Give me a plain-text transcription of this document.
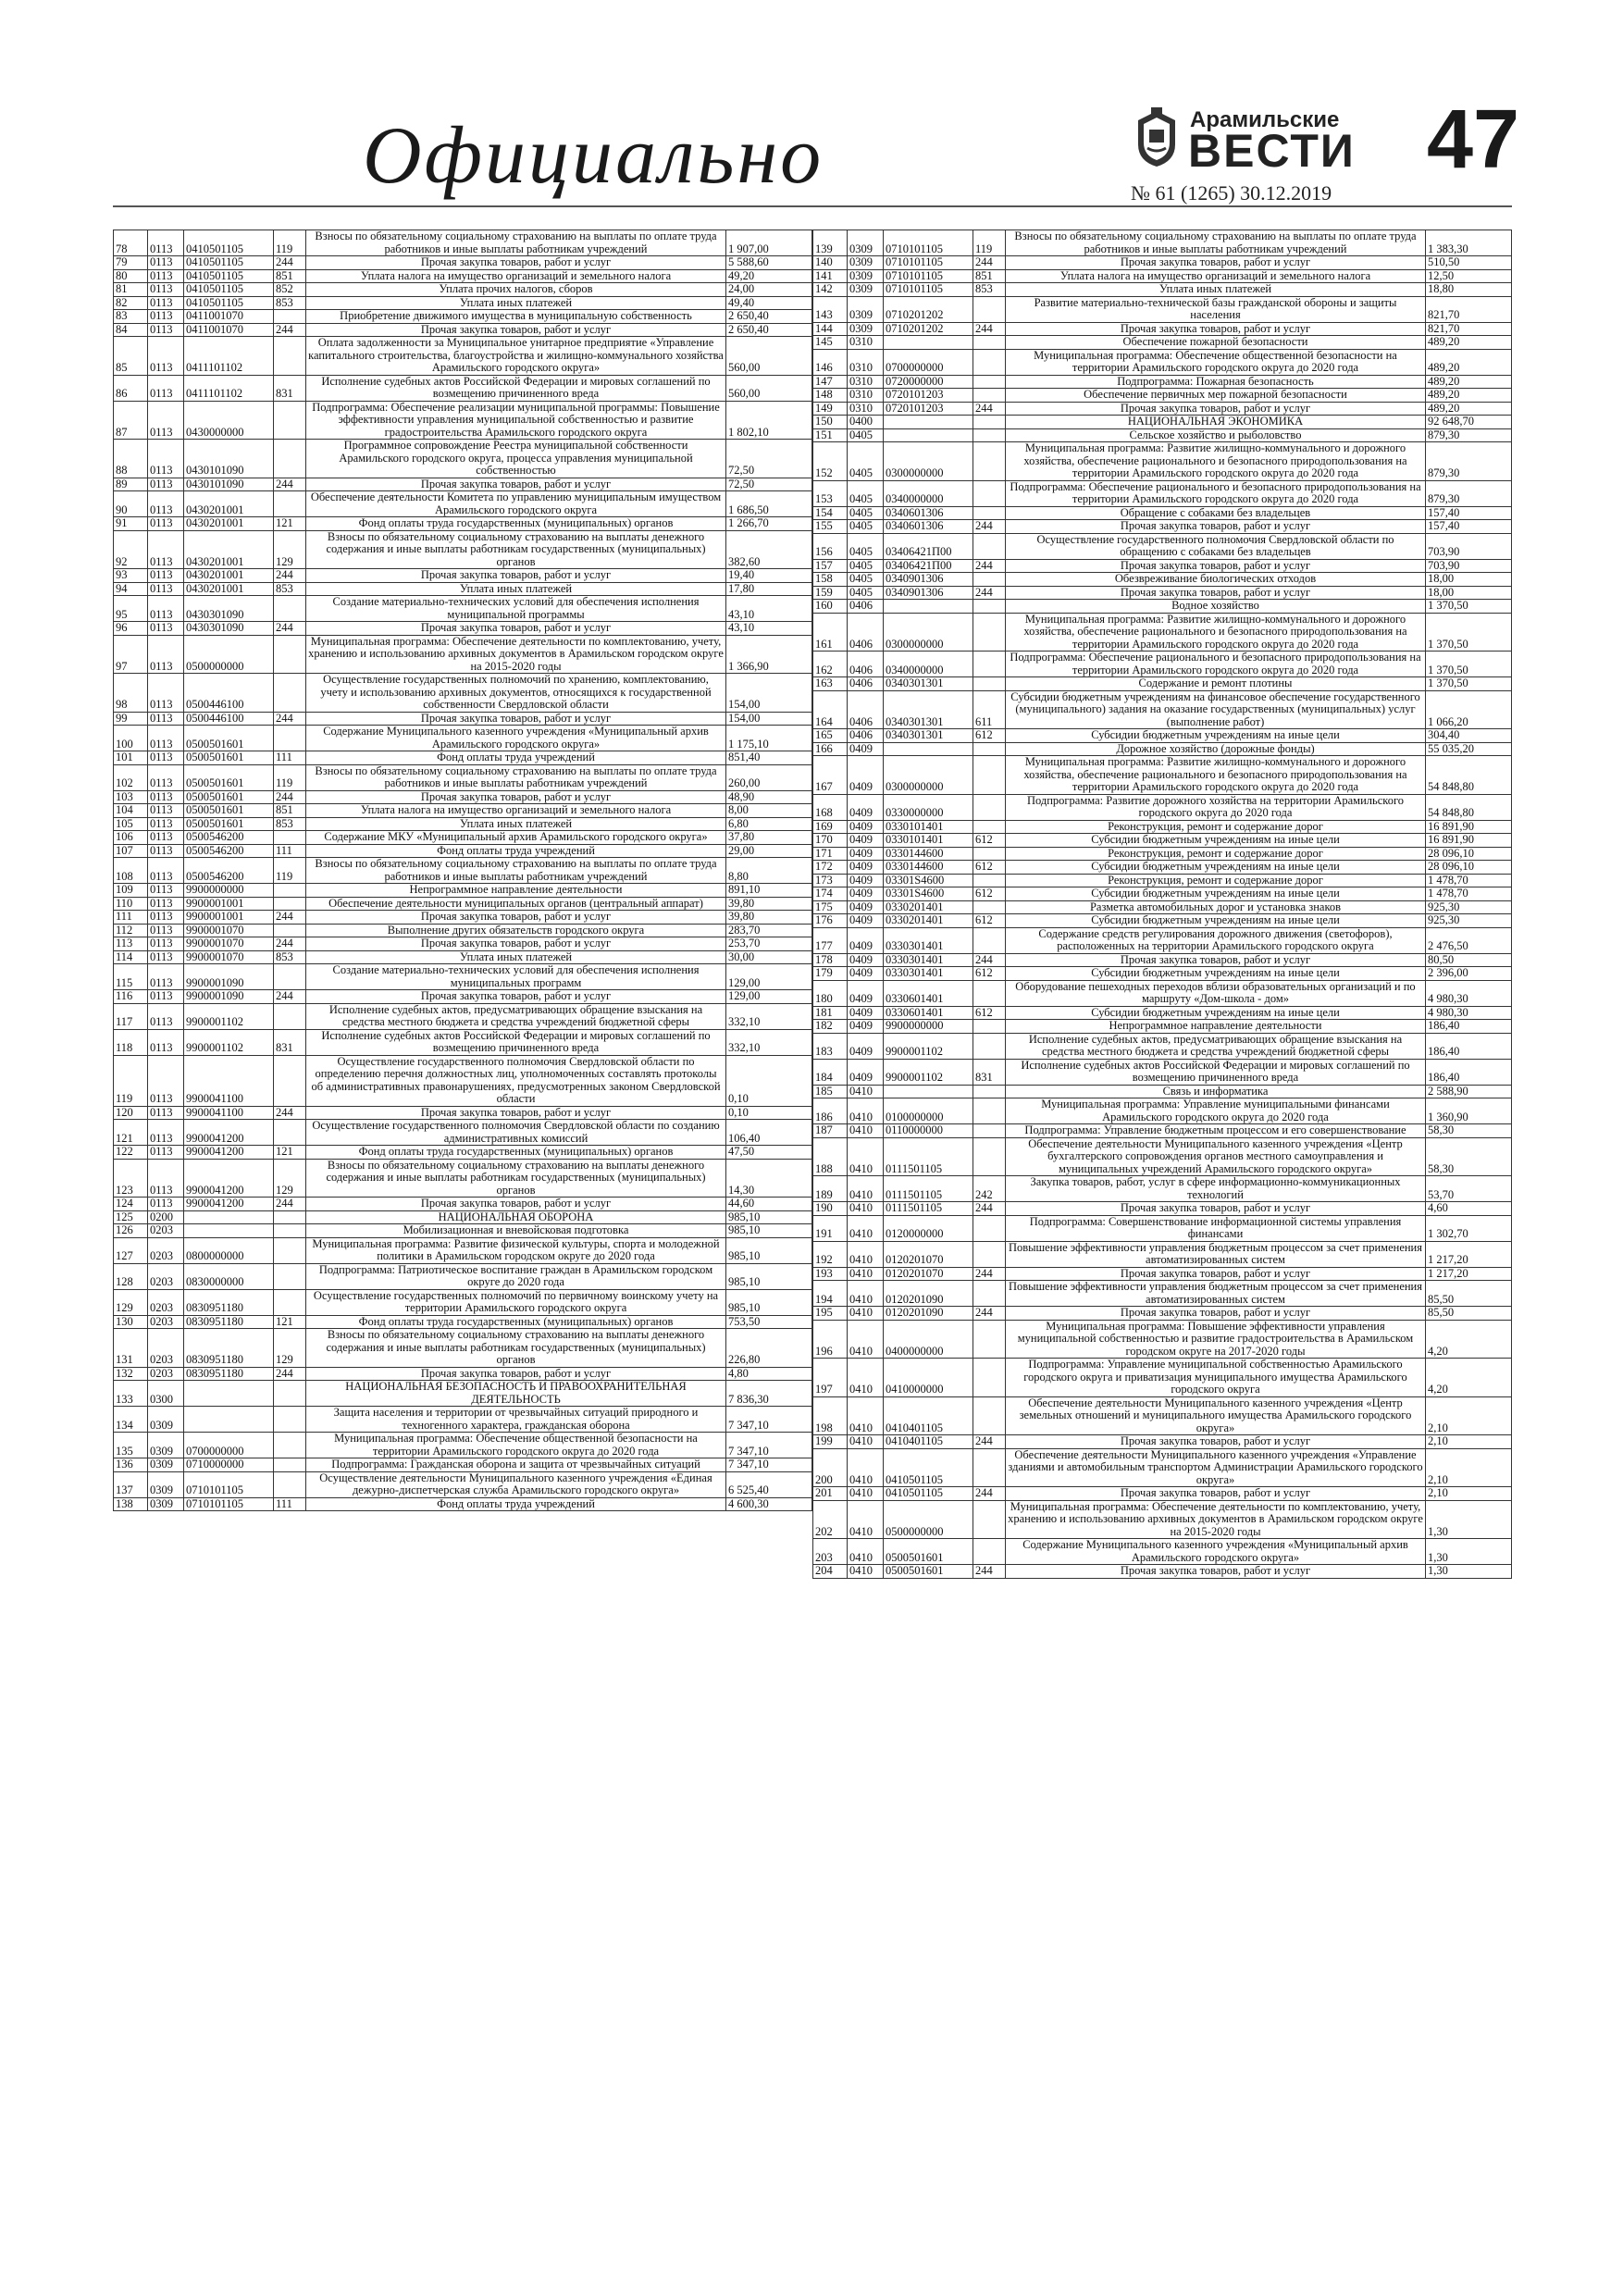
Официально	Арамильские
ВЕСТИ
№ 61 (1265) 30.12.2019
47
78	0113	0410501105	119	Взносы по обязательному социальному страхованию на выплаты по оплате труда работников и иные выплаты работникам учреждений	1 907,00
79	0113	0410501105	244	Прочая закупка товаров, работ и услуг	5 588,60
80	0113	0410501105	851	Уплата налога на имущество организаций и земельного налога	49,20
81	0113	0410501105	852	Уплата прочих налогов, сборов	24,00
82	0113	0410501105	853	Уплата иных платежей	49,40
83	0113	0411001070		Приобретение движимого имущества в муниципальную собственность	2 650,40
84	0113	0411001070	244	Прочая закупка товаров, работ и услуг	2 650,40
85	0113	0411101102		Оплата задолженности за Муниципальное унитарное предприятие «Управление капитального строительства, благоустройства и жилищно-коммунального хозяйства Арамильского городского округа»	560,00
86	0113	0411101102	831	Исполнение судебных актов Российской Федерации и мировых соглашений по возмещению причиненного вреда	560,00
87	0113	0430000000		Подпрограмма: Обеспечение реализации муниципальной программы: Повышение эффективности управления муниципальной собственностью и развитие градостроительства Арамильского городского округа	1 802,10
88	0113	0430101090		Программное сопровождение Реестра муниципальной собственности Арамильского городского округа, процесса управления муниципальной собственностью	72,50
89	0113	0430101090	244	Прочая закупка товаров, работ и услуг	72,50
90	0113	0430201001		Обеспечение деятельности Комитета по управлению муниципальным имуществом Арамильского городского округа	1 686,50
91	0113	0430201001	121	Фонд оплаты труда государственных (муниципальных) органов	1 266,70
92	0113	0430201001	129	Взносы по обязательному социальному страхованию на выплаты денежного содержания и иные выплаты работникам государственных (муниципальных) органов	382,60
93	0113	0430201001	244	Прочая закупка товаров, работ и услуг	19,40
94	0113	0430201001	853	Уплата иных платежей	17,80
95	0113	0430301090		Создание материально-технических условий для обеспечения исполнения муниципальной программы	43,10
96	0113	0430301090	244	Прочая закупка товаров, работ и услуг	43,10
97	0113	0500000000		Муниципальная программа: Обеспечение деятельности по комплектованию, учету, хранению и использованию архивных документов в Арамильском городском округе на 2015-2020 годы	1 366,90
98	0113	0500446100		Осуществление государственных полномочий по хранению, комплектованию, учету и использованию архивных документов, относящихся к государственной собственности Свердловской области	154,00
99	0113	0500446100	244	Прочая закупка товаров, работ и услуг	154,00
100	0113	0500501601		Содержание Муниципального казенного учреждения «Муниципальный архив Арамильского городского округа»	1 175,10
101	0113	0500501601	111	Фонд оплаты труда учреждений	851,40
102	0113	0500501601	119	Взносы по обязательному социальному страхованию на выплаты по оплате труда работников и иные выплаты работникам учреждений	260,00
103	0113	0500501601	244	Прочая закупка товаров, работ и услуг	48,90
104	0113	0500501601	851	Уплата налога на имущество организаций и земельного налога	8,00
105	0113	0500501601	853	Уплата иных платежей	6,80
106	0113	0500546200		Содержание МКУ «Муниципальный архив Арамильского городского округа»	37,80
107	0113	0500546200	111	Фонд оплаты труда учреждений	29,00
108	0113	0500546200	119	Взносы по обязательному социальному страхованию на выплаты по оплате труда работников и иные выплаты работникам учреждений	8,80
109	0113	9900000000		Непрограммное направление деятельности	891,10
110	0113	9900001001		Обеспечение деятельности муниципальных органов (центральный аппарат)	39,80
111	0113	9900001001	244	Прочая закупка товаров, работ и услуг	39,80
112	0113	9900001070		Выполнение других обязательств городского округа	283,70
113	0113	9900001070	244	Прочая закупка товаров, работ и услуг	253,70
114	0113	9900001070	853	Уплата иных платежей	30,00
115	0113	9900001090		Создание материально-технических условий для обеспечения исполнения муниципальных программ	129,00
116	0113	9900001090	244	Прочая закупка товаров, работ и услуг	129,00
117	0113	9900001102		Исполнение судебных актов, предусматривающих обращение взыскания на средства местного бюджета и средства учреждений бюджетной сферы	332,10
118	0113	9900001102	831	Исполнение судебных актов Российской Федерации и мировых соглашений по возмещению причиненного вреда	332,10
119	0113	9900041100		Осуществление государственного полномочия Свердловской области по определению перечня должностных лиц, уполномоченных составлять протоколы об административных правонарушениях, предусмотренных законом Свердловской области	0,10
120	0113	9900041100	244	Прочая закупка товаров, работ и услуг	0,10
121	0113	9900041200		Осуществление государственного полномочия Свердловской области по созданию административных комиссий	106,40
122	0113	9900041200	121	Фонд оплаты труда государственных (муниципальных) органов	47,50
123	0113	9900041200	129	Взносы по обязательному социальному страхованию на выплаты денежного содержания и иные выплаты работникам государственных (муниципальных) органов	14,30
124	0113	9900041200	244	Прочая закупка товаров, работ и услуг	44,60
125	0200			НАЦИОНАЛЬНАЯ ОБОРОНА	985,10
126	0203			Мобилизационная и вневойсковая подготовка	985,10
127	0203	0800000000		Муниципальная программа: Развитие физической культуры, спорта и молодежной политики в Арамильском городском округе до 2020 года	985,10
128	0203	0830000000		Подпрограмма: Патриотическое воспитание граждан в Арамильском городском округе до 2020 года	985,10
129	0203	0830951180		Осуществление государственных полномочий по первичному воинскому учету на территории Арамильского городского округа	985,10
130	0203	0830951180	121	Фонд оплаты труда государственных (муниципальных) органов	753,50
131	0203	0830951180	129	Взносы по обязательному социальному страхованию на выплаты денежного содержания и иные выплаты работникам государственных (муниципальных) органов	226,80
132	0203	0830951180	244	Прочая закупка товаров, работ и услуг	4,80
133	0300			НАЦИОНАЛЬНАЯ БЕЗОПАСНОСТЬ И ПРАВООХРАНИТЕЛЬНАЯ ДЕЯТЕЛЬНОСТЬ	7 836,30
134	0309			Защита населения и территории от чрезвычайных ситуаций природного и техногенного характера, гражданская оборона	7 347,10
135	0309	0700000000		Муниципальная программа: Обеспечение общественной безопасности на территории Арамильского городского округа до 2020 года	7 347,10
136	0309	0710000000		Подпрограмма: Гражданская оборона и защита от чрезвычайных ситуаций	7 347,10
137	0309	0710101105		Осуществление деятельности Муниципального казенного учреждения «Единая дежурно-диспетчерская служба Арамильского городского округа»	6 525,40
138	0309	0710101105	111	Фонд оплаты труда учреждений	4 600,30
139	0309	0710101105	119	Взносы по обязательному социальному страхованию на выплаты по оплате труда работников и иные выплаты работникам учреждений	1 383,30
140	0309	0710101105	244	Прочая закупка товаров, работ и услуг	510,50
141	0309	0710101105	851	Уплата налога на имущество организаций и земельного налога	12,50
142	0309	0710101105	853	Уплата иных платежей	18,80
143	0309	0710201202		Развитие материально-технической базы гражданской обороны и защиты населения	821,70
144	0309	0710201202	244	Прочая закупка товаров, работ и услуг	821,70
145	0310			Обеспечение пожарной безопасности	489,20
146	0310	0700000000		Муниципальная программа: Обеспечение общественной безопасности на территории Арамильского городского округа до 2020 года	489,20
147	0310	0720000000		Подпрограмма: Пожарная безопасность	489,20
148	0310	0720101203		Обеспечение первичных мер пожарной безопасности	489,20
149	0310	0720101203	244	Прочая закупка товаров, работ и услуг	489,20
150	0400			НАЦИОНАЛЬНАЯ ЭКОНОМИКА	92 648,70
151	0405			Сельское хозяйство и рыболовство	879,30
152	0405	0300000000		Муниципальная программа: Развитие жилищно-коммунального и дорожного хозяйства, обеспечение рационального и безопасного природопользования на территории Арамильского городского округа до 2020 года	879,30
153	0405	0340000000		Подпрограмма: Обеспечение рационального и безопасного природопользования на территории Арамильского городского округа до 2020 года	879,30
154	0405	0340601306		Обращение с собаками без владельцев	157,40
155	0405	0340601306	244	Прочая закупка товаров, работ и услуг	157,40
156	0405	03406421П00		Осуществление государственного полномочия Свердловской области по обращению с собаками без владельцев	703,90
157	0405	03406421П00	244	Прочая закупка товаров, работ и услуг	703,90
158	0405	0340901306		Обезвреживание биологических отходов	18,00
159	0405	0340901306	244	Прочая закупка товаров, работ и услуг	18,00
160	0406			Водное хозяйство	1 370,50
161	0406	0300000000		Муниципальная программа: Развитие жилищно-коммунального и дорожного хозяйства, обеспечение рационального и безопасного природопользования на территории Арамильского городского округа до 2020 года	1 370,50
162	0406	0340000000		Подпрограмма: Обеспечение рационального и безопасного природопользования на территории Арамильского городского округа до 2020 года	1 370,50
163	0406	0340301301		Содержание и ремонт плотины	1 370,50
164	0406	0340301301	611	Субсидии бюджетным учреждениям на финансовое обеспечение государственного (муниципального) задания на оказание государственных (муниципальных) услуг (выполнение работ)	1 066,20
165	0406	0340301301	612	Субсидии бюджетным учреждениям на иные цели	304,40
166	0409			Дорожное хозяйство (дорожные фонды)	55 035,20
167	0409	0300000000		Муниципальная программа: Развитие жилищно-коммунального и дорожного хозяйства, обеспечение рационального и безопасного природопользования на территории Арамильского городского округа до 2020 года	54 848,80
168	0409	0330000000		Подпрограмма: Развитие дорожного хозяйства на территории Арамильского городского округа до 2020 года	54 848,80
169	0409	0330101401		Реконструкция, ремонт и содержание дорог	16 891,90
170	0409	0330101401	612	Субсидии бюджетным учреждениям на иные цели	16 891,90
171	0409	0330144600		Реконструкция, ремонт и содержание дорог	28 096,10
172	0409	0330144600	612	Субсидии бюджетным учреждениям на иные цели	28 096,10
173	0409	03301S4600		Реконструкция, ремонт и содержание дорог	1 478,70
174	0409	03301S4600	612	Субсидии бюджетным учреждениям на иные цели	1 478,70
175	0409	0330201401		Разметка автомобильных дорог и установка знаков	925,30
176	0409	0330201401	612	Субсидии бюджетным учреждениям на иные цели	925,30
177	0409	0330301401		Содержание средств регулирования дорожного движения (светофоров), расположенных на территории Арамильского городского округа	2 476,50
178	0409	0330301401	244	Прочая закупка товаров, работ и услуг	80,50
179	0409	0330301401	612	Субсидии бюджетным учреждениям на иные цели	2 396,00
180	0409	0330601401		Оборудование пешеходных переходов вблизи образовательных организаций и по маршруту «Дом-школа - дом»	4 980,30
181	0409	0330601401	612	Субсидии бюджетным учреждениям на иные цели	4 980,30
182	0409	9900000000		Непрограммное направление деятельности	186,40
183	0409	9900001102		Исполнение судебных актов, предусматривающих обращение взыскания на средства местного бюджета и средства учреждений бюджетной сферы	186,40
184	0409	9900001102	831	Исполнение судебных актов Российской Федерации и мировых соглашений по возмещению причиненного вреда	186,40
185	0410			Связь и информатика	2 588,90
186	0410	0100000000		Муниципальная программа: Управление муниципальными финансами Арамильского городского округа до 2020 года	1 360,90
187	0410	0110000000		Подпрограмма: Управление бюджетным процессом и его совершенствование	58,30
188	0410	0111501105		Обеспечение деятельности Муниципального казенного учреждения «Центр бухгалтерского сопровождения органов местного самоуправления и муниципальных учреждений Арамильского городского округа»	58,30
189	0410	0111501105	242	Закупка товаров, работ, услуг в сфере информационно-коммуникационных технологий	53,70
190	0410	0111501105	244	Прочая закупка товаров, работ и услуг	4,60
191	0410	0120000000		Подпрограмма: Совершенствование информационной системы управления финансами	1 302,70
192	0410	0120201070		Повышение эффективности управления бюджетным процессом за счет применения автоматизированных систем	1 217,20
193	0410	0120201070	244	Прочая закупка товаров, работ и услуг	1 217,20
194	0410	0120201090		Повышение эффективности управления бюджетным процессом за счет применения автоматизированных систем	85,50
195	0410	0120201090	244	Прочая закупка товаров, работ и услуг	85,50
196	0410	0400000000		Муниципальная программа: Повышение эффективности управления муниципальной собственностью и развитие градостроительства в Арамильском городском округе на 2017-2020 годы	4,20
197	0410	0410000000		Подпрограмма: Управление муниципальной собственностью Арамильского городского округа и приватизация муниципального имущества Арамильского городского округа	4,20
198	0410	0410401105		Обеспечение деятельности Муниципального казенного учреждения «Центр земельных отношений и муниципального имущества Арамильского городского округа»	2,10
199	0410	0410401105	244	Прочая закупка товаров, работ и услуг	2,10
200	0410	0410501105		Обеспечение деятельности Муниципального казенного учреждения «Управление зданиями и автомобильным транспортом Администрации Арамильского городского округа»	2,10
201	0410	0410501105	244	Прочая закупка товаров, работ и услуг	2,10
202	0410	0500000000		Муниципальная программа: Обеспечение деятельности по комплектованию, учету, хранению и использованию архивных документов в Арамильском городском округе на 2015-2020 годы	1,30
203	0410	0500501601		Содержание Муниципального казенного учреждения «Муниципальный архив Арамильского городского округа»	1,30
204	0410	0500501601	244	Прочая закупка товаров, работ и услуг	1,30
